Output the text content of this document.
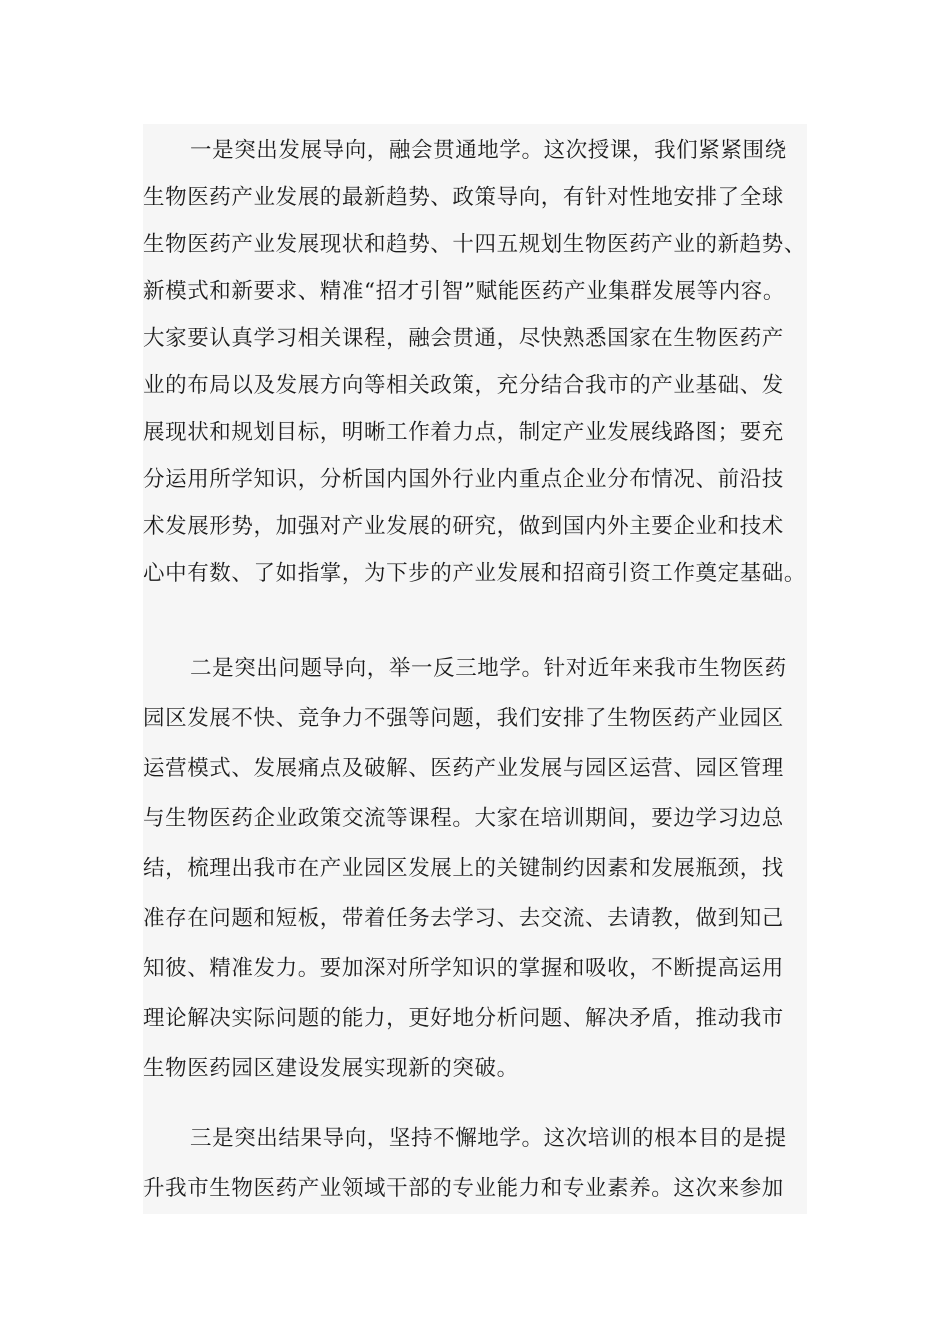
一是突出发展导向，融会贯通地学。这次授课，我们紧紧围绕
生物医药产业发展的最新趋势、政策导向，有针对性地安排了全球
生物医药产业发展现状和趋势、十四五规划生物医药产业的新趋势、
新模式和新要求、精准“招才引智”赋能医药产业集群发展等内容。
大家要认真学习相关课程，融会贯通，尽快熟悉国家在生物医药产
业的布局以及发展方向等相关政策，充分结合我市的产业基础、发
展现状和规划目标，明晰工作着力点，制定产业发展线路图；要充
分运用所学知识，分析国内国外行业内重点企业分布情况、前沿技
术发展形势，加强对产业发展的研究，做到国内外主要企业和技术
心中有数、了如指掌，为下步的产业发展和招商引资工作奠定基础。
二是突出问题导向，举一反三地学。针对近年来我市生物医药
园区发展不快、竞争力不强等问题，我们安排了生物医药产业园区
运营模式、发展痛点及破解、医药产业发展与园区运营、园区管理
与生物医药企业政策交流等课程。大家在培训期间，要边学习边总
结，梳理出我市在产业园区发展上的关键制约因素和发展瓶颈，找
准存在问题和短板，带着任务去学习、去交流、去请教，做到知己
知彼、精准发力。要加深对所学知识的掌握和吸收，不断提高运用
理论解决实际问题的能力，更好地分析问题、解决矛盾，推动我市
生物医药园区建设发展实现新的突破。
三是突出结果导向，坚持不懈地学。这次培训的根本目的是提
升我市生物医药产业领域干部的专业能力和专业素养。这次来参加
